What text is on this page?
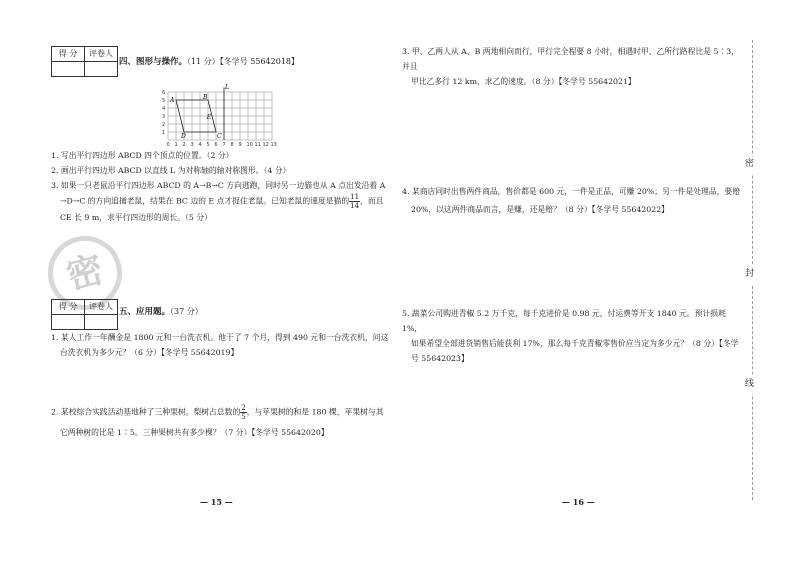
得 分	评卷人

四、图形与操作。（11 分）【冬学号 55642018】
0 1 2 3 4 5 6 7 8 9 10 11 12 13
1
2
3
4
5
6
A	B
C
D
E
L
1. 写出平行四边形 ABCD 四个顶点的位置。（2 分）
2. 画出平行四边形 ABCD 以直线 L 为对称轴的轴对称图形。（4 分）
3. 如果一只老鼠沿平行四边形 ABCD 的 A→B→C 方向逃跑，同时另一边猫也从 A 点出发沿着 A
→D→C 的方向追捕老鼠，结果在 BC 边的 E 点才捉住老鼠。已知老鼠的速度是猫的 $\frac{11}{14}$ ，而且
CE 长 9 m，求平行四边形的周长。（5 分）
密
得 分	评卷人

五、应用题。（37 分）
1. 某人工作一年酬金是 1800 元和一台洗衣机。他干了 7 个月，得到 490 元和一台洗衣机，问这
台洗衣机为多少元？（6 分）【冬学号 55642019】
2. 某校综合实践活动基地种了三种果树。梨树占总数的 $\frac{2}{5}$ ，与苹果树的和是 180 棵，苹果树与其
它两种树的比是 1∶5。三种果树共有多少棵？（7 分）【冬学号 55642020】
— 15 —
3. 甲、乙两人从 A、B 两地相向而行，甲行完全程要 8 小时，相遇时甲、乙所行路程比是 5∶3，并且
甲比乙多行 12 km，求乙的速度。（8 分）【冬学号 55642021】
4. 某商店同时出售两件商品，售价都是 600 元，一件是正品，可赚 20%；另一件是处理品，要赔
20%，以这两件商品而言，是赚，还是赔？（8 分）【冬学号 55642022】
5. 蔬菜公司购进青椒 5.2 万千克，每千克进价是 0.98 元，付运费等开支 1840 元。预计损耗 1%，
如果希望全部进货销售后能获利 17%，那么每千克青椒零售价应当定为多少元？（8 分）【冬学
号 55642023】
— 16 —
密
封
线
